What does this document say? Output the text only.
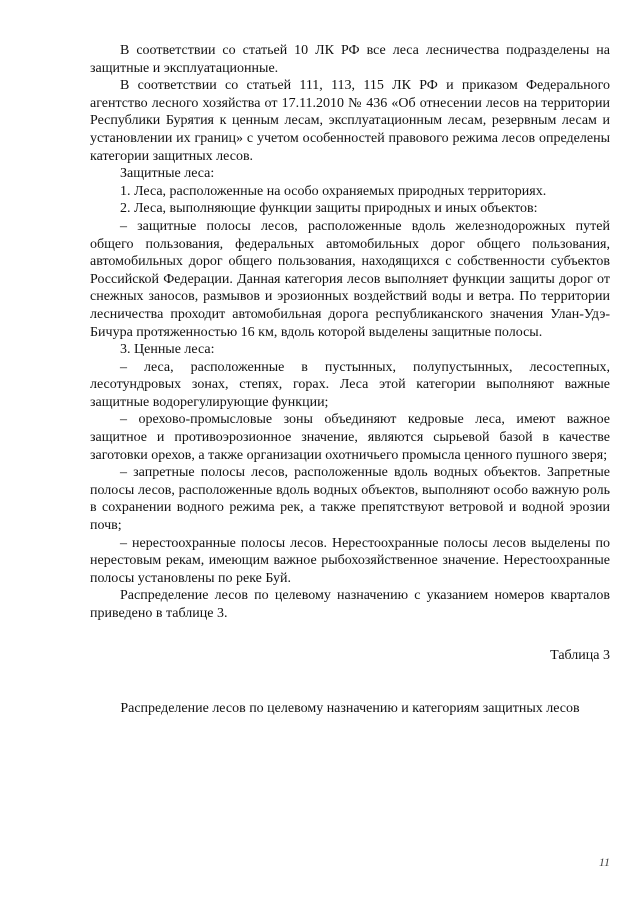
В соответствии со статьей 10 ЛК РФ все леса лесничества подразделены на защитные и эксплуатационные.

В соответствии со статьей 111, 113, 115 ЛК РФ и приказом Федерального агентство лесного хозяйства от 17.11.2010 № 436 «Об отнесении лесов на территории Республики Бурятия к ценным лесам, эксплуатационным лесам, резервным лесам и установлении их границ» с учетом особенностей правового режима лесов определены категории защитных лесов.

Защитные леса:

1. Леса, расположенные на особо охраняемых природных территориях.

2. Леса, выполняющие функции защиты природных и иных объектов:

– защитные полосы лесов, расположенные вдоль железнодорожных путей общего пользования, федеральных автомобильных дорог общего пользования, автомобильных дорог общего пользования, находящихся с собственности субъектов Российской Федерации. Данная категория лесов выполняет функции защиты дорог от снежных заносов, размывов и эрозионных воздействий воды и ветра. По территории лесничества проходит автомобильная дорога республиканского значения Улан-Удэ-Бичура протяженностью 16 км, вдоль которой выделены защитные полосы.

3. Ценные леса:

– леса, расположенные в пустынных, полупустынных, лесостепных, лесотундровых зонах, степях, горах. Леса этой категории выполняют важные защитные водорегулирующие функции;

– орехово-промысловые зоны объединяют кедровые леса, имеют важное защитное и противоэрозионное значение, являются сырьевой базой в качестве заготовки орехов, а также организации охотничьего промысла ценного пушного зверя;

– запретные полосы лесов, расположенные вдоль водных объектов. Запретные полосы лесов, расположенные вдоль водных объектов, выполняют особо важную роль в сохранении водного режима рек, а также препятствуют ветровой и водной эрозии почв;

– нерестоохранные полосы лесов. Нерестоохранные полосы лесов выделены по нерестовым рекам, имеющим важное рыбохозяйственное значение. Нерестоохранные полосы установлены по реке Буй.

Распределение лесов по целевому назначению с указанием номеров кварталов приведено в таблице 3.

Таблица 3

Распределение лесов по целевому назначению и категориям защитных лесов

11
